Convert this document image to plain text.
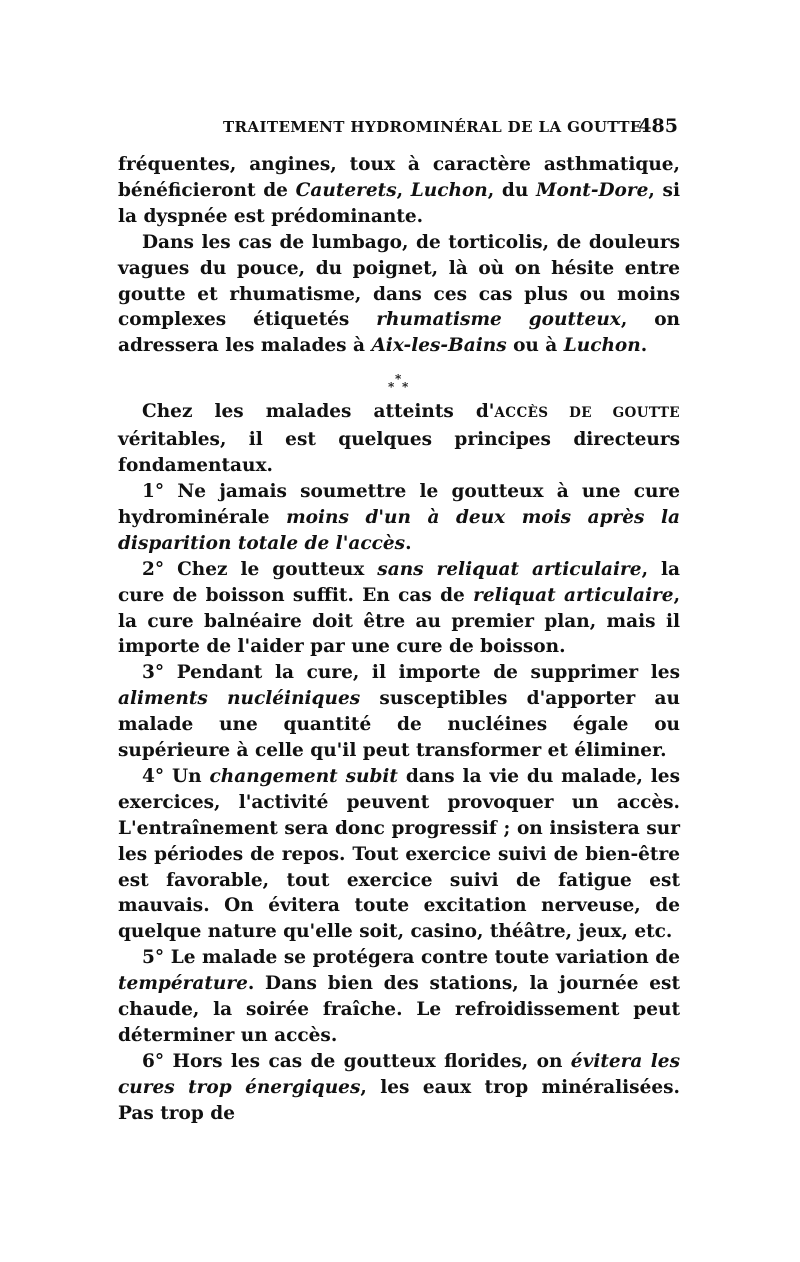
TRAITEMENT HYDROMINÉRAL DE LA GOUTTE
485

fréquentes, angines, toux à caractère asthmatique, bénéficieront de Cauterets, Luchon, du Mont-Dore, si la dyspnée est prédominante.

Dans les cas de lumbago, de torticolis, de douleurs vagues du pouce, du poignet, là où on hésite entre goutte et rhumatisme, dans ces cas plus ou moins complexes étiquetés rhumatisme goutteux, on adressera les malades à Aix-les-Bains ou à Luchon.

*
* *

Chez les malades atteints d'ACCÈS DE GOUTTE véritables, il est quelques principes directeurs fondamentaux.

1° Ne jamais soumettre le goutteux à une cure hydrominérale moins d'un à deux mois après la disparition totale de l'accès.

2° Chez le goutteux sans reliquat articulaire, la cure de boisson suffit. En cas de reliquat articulaire, la cure balnéaire doit être au premier plan, mais il importe de l'aider par une cure de boisson.

3° Pendant la cure, il importe de supprimer les aliments nucléiniques susceptibles d'apporter au malade une quantité de nucléines égale ou supérieure à celle qu'il peut transformer et éliminer.

4° Un changement subit dans la vie du malade, les exercices, l'activité peuvent provoquer un accès. L'entraînement sera donc progressif ; on insistera sur les périodes de repos. Tout exercice suivi de bien-être est favorable, tout exercice suivi de fatigue est mauvais. On évitera toute excitation nerveuse, de quelque nature qu'elle soit, casino, théâtre, jeux, etc.

5° Le malade se protégera contre toute variation de température. Dans bien des stations, la journée est chaude, la soirée fraîche. Le refroidissement peut déterminer un accès.

6° Hors les cas de goutteux florides, on évitera les cures trop énergiques, les eaux trop minéralisées. Pas trop de
